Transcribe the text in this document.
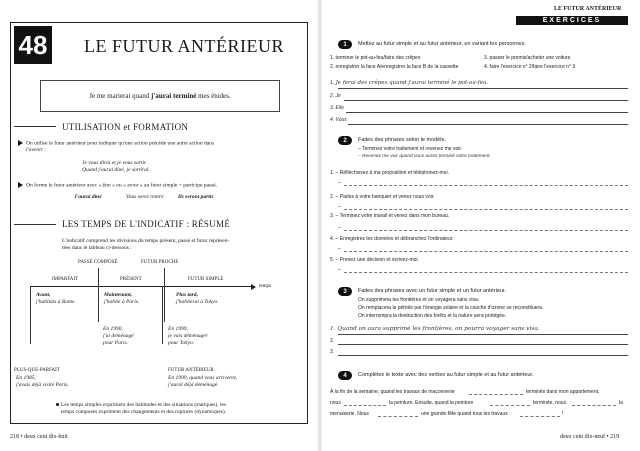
48 LE FUTUR ANTÉRIEUR
Je me marierai quand
j'aurai terminé
mes études.
UTILISATION et FORMATION
On utilise le futur antérieur pour indiquer qu'une action précède une autre action dans
l'avenir :
Je vous dirai et je vous sortir.
Quand j'aurai dîné, je sortirai.
On forme le futur antérieur avec « être » ou « avoir » au futur simple + participe passé.
J'aurai dîné	Vous serez rentré	Ils seront partis
LES TEMPS DE L'INDICATIF : RÉSUMÉ
L'indicatif comprend les divisions du temps présent, passé et futur représen-
tées dans le tableau ci-dessous :
PASSÉ COMPOSÉ	FUTUR PROCHE
IMPARFAIT	PRÉSENT	FUTUR SIMPLE
temps
Avant,
j'habitais à Rome.
Maintenant,
j'habite à Paris.
Plus tard,
j'habiterai à Tokyo.
En 1990,
j'ai déménagé
pour Paris.
En 1999,
je vais déménager
pour Tokyo.
PLUS-QUE-PARFAIT
En 1985,
j'avais déjà visité Paris.
FUTUR ANTÉRIEUR
En 1999, quand vous arriverez,
j'aurai déjà déménagé.
Les temps simples expriment des habitudes et des situations (statiques), les
temps composés expriment des changements et des ruptures (dynamiques).
218 • deux cent dix-huit
LE FUTUR ANTÉRIEUR
EXERCICES
1	Mettez au futur simple et au futur antérieur, en variant les personnes.
1. terminer le pot-au-feu/faire des crêpes
2. enregistrer la face A/enregistrer la face B de la cassette
3. passer le premis/acheter une voiture
4. faire l'exercice n° 2/faire l'exercice n° 3
1. Je ferai des crêpes quand j'aurai terminé le pot-au-feu.
2. Je
3. Elle
4. Vous
2	Faites des phrases selon le modèle.
– Terminez votre traitement et revenez me voir.
– Revenez me voir quand vous aurez terminé votre traitement.
1. – Réfléchissez à ma proposition et téléphonez-moi.
–
2. – Parlez à votre banquier et venez nous voir.
–
3. – Terminez votre travail et venez dans mon bureau.
–
4. – Enregistrez les données et débranchez l'ordinateur.
–
5. – Prenez une décision et écrivez-moi.
–
3	Faites des phrases avec un futur simple et un futur antérieur.
On supprimera les frontières et on voyagera sans visa.
On remplacera le pétrole par l'énergie solaire et la couche d'ozone se reconstituera.
On interrompra la destruction des forêts et la nature sera protégée.
1. Quand on aura supprimé les frontières, on pourra voyager sans visa.
2.
3.
4	Complétez le texte avec des verbes au futur simple et au futur antérieur.
À la fin de la semaine, quand les travaux de maçonnerie	terminés dans mon appartement,
nous	la peinture. Ensuite, quand la peinture	terminée, nous	la
menuiserie. Nous	une grande fête quand tous les travaux	!
deux cent dix-neuf • 219
